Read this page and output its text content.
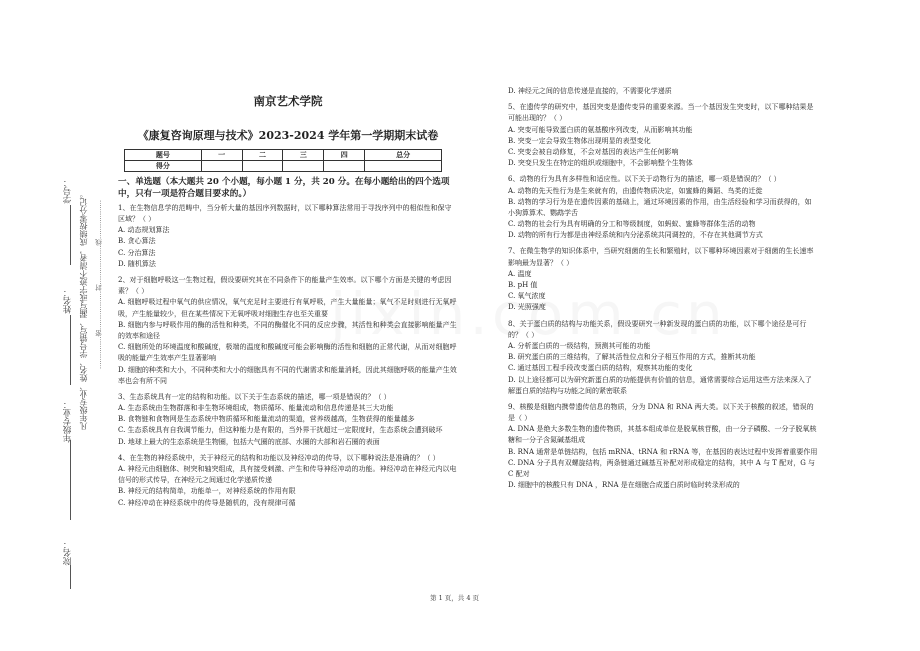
学号：
姓名：
年级专业：
院名：
凡年级专业、姓名、学号错写、漏写或字迹不清者，成绩按零分记。 ……………密………………封………………线………………
南京艺术学院
《康复咨询原理与技术》2023-2024 学年第一学期期末试卷
题号	一	二	三	四	总分
得分					
一、单选题（本大题共 20 个小题，每小题 1 分，共 20 分。在每小题给出的四个选项中，只有一项是符合题目要求的。）
1、在生物信息学的范畴中，当分析大量的基因序列数据时，以下哪种算法常用于寻找序列中的相似性和保守区域？（ ）
A. 动态规划算法
B. 贪心算法
C. 分治算法
D. 随机算法
2、对于细胞呼吸这一生物过程，假设要研究其在不同条件下的能量产生效率。以下哪个方面是关键的考虑因素？（ ）
A. 细胞呼吸过程中氧气的供应情况，氧气充足时主要进行有氧呼吸，产生大量能量；氧气不足时则进行无氧呼吸，产生能量较少，但在某些情况下无氧呼吸对细胞生存也至关重要
B. 细胞内参与呼吸作用的酶的活性和种类，不同的酶催化不同的反应步骤，其活性和种类会直接影响能量产生的效率和途径
C. 细胞所处的环境温度和酸碱度，极端的温度和酸碱度可能会影响酶的活性和细胞的正常代谢，从而对细胞呼吸的能量产生效率产生显著影响
D. 细胞的种类和大小，不同种类和大小的细胞具有不同的代谢需求和能量消耗，因此其细胞呼吸的能量产生效率也会有所不同
3、生态系统具有一定的结构和功能。以下关于生态系统的描述，哪一项是错误的？（ ）
A. 生态系统由生物群落和非生物环境组成，物质循环、能量流动和信息传递是其三大功能
B. 食物链和食物网是生态系统中物质循环和能量流动的渠道，营养级越高，生物获得的能量越多
C. 生态系统具有自我调节能力，但这种能力是有限的，当外界干扰超过一定限度时，生态系统会遭到破坏
D. 地球上最大的生态系统是生物圈，包括大气圈的底部、水圈的大部和岩石圈的表面
4、在生物的神经系统中，关于神经元的结构和功能以及神经冲动的传导，以下哪种说法是准确的？（ ）
A. 神经元由细胞体、树突和轴突组成，具有接受刺激、产生和传导神经冲动的功能。神经冲动在神经元内以电信号的形式传导，在神经元之间通过化学递质传递
B. 神经元的结构简单，功能单一，对神经系统的作用有限
C. 神经冲动在神经系统中的传导是随机的，没有规律可循
D. 神经元之间的信息传递是直接的，不需要化学递质
5、在遗传学的研究中，基因突变是遗传变异的重要来源。当一个基因发生突变时，以下哪种结果是可能出现的？（ ）
A. 突变可能导致蛋白质的氨基酸序列改变，从而影响其功能
B. 突变一定会导致生物体出现明显的表型变化
C. 突变会被自动修复，不会对基因的表达产生任何影响
D. 突变只发生在特定的组织或细胞中，不会影响整个生物体
6、动物的行为具有多样性和适应性。以下关于动物行为的描述，哪一项是错误的？（ ）
A. 动物的先天性行为是生来就有的，由遗传物质决定，如蜜蜂的舞蹈、鸟类的迁徙
B. 动物的学习行为是在遗传因素的基础上，通过环境因素的作用，由生活经验和学习而获得的，如小狗算算术、鹦鹉学舌
C. 动物的社会行为具有明确的分工和等级制度，如蚂蚁、蜜蜂等群体生活的动物
D. 动物的所有行为都是由神经系统和内分泌系统共同调控的，不存在其他调节方式
7、在微生物学的知识体系中，当研究细菌的生长和繁殖时，以下哪种环境因素对于细菌的生长速率影响最为显著？（ ）
A. 温度
B. pH 值
C. 氧气浓度
D. 光照强度
8、关于蛋白质的结构与功能关系，假设要研究一种新发现的蛋白质的功能，以下哪个途径是可行的？（ ）
A. 分析蛋白质的一级结构，预测其可能的功能
B. 研究蛋白质的三维结构，了解其活性位点和分子相互作用的方式，推断其功能
C. 通过基因工程手段改变蛋白质的结构，观察其功能的变化
D. 以上途径都可以为研究新蛋白质的功能提供有价值的信息，通常需要综合运用这些方法来深入了解蛋白质的结构与功能之间的紧密联系
9、核酸是细胞内携带遗传信息的物质，分为 DNA 和 RNA 两大类。以下关于核酸的叙述，错误的是（ ）
A. DNA 是绝大多数生物的遗传物质，其基本组成单位是脱氧核苷酸，由一分子磷酸、一分子脱氧核糖和一分子含氮碱基组成
B. RNA 通常是单链结构，包括 mRNA、tRNA 和 rRNA 等，在基因的表达过程中发挥着重要作用
C. DNA 分子具有双螺旋结构，两条链通过碱基互补配对形成稳定的结构，其中 A 与 T 配对，G 与 C 配对
D. 细胞中的核酸只有 DNA ，RNA 是在细胞合成蛋白质时临时转录形成的
第 1 页，共 4 页
